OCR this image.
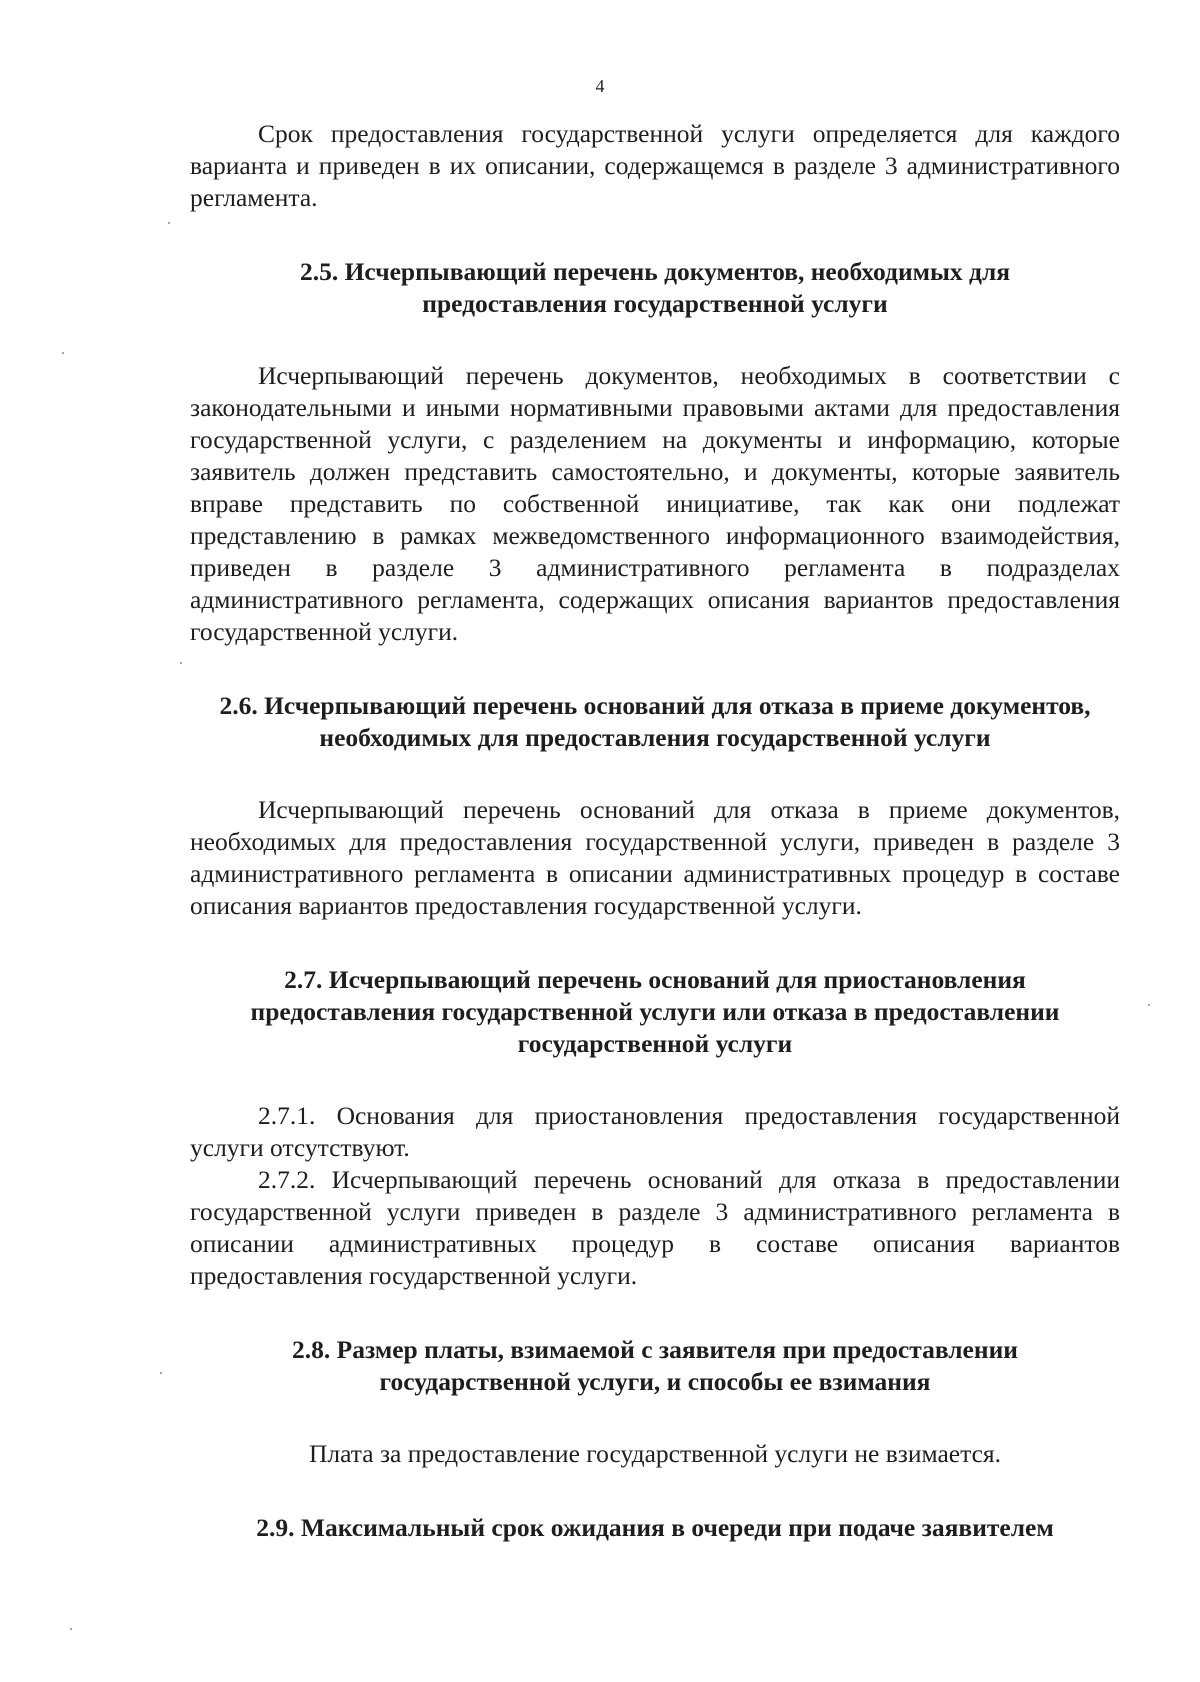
4

Срок предоставления государственной услуги определяется для каждого варианта и приведен в их описании, содержащемся в разделе 3 административного регламента.

2.5. Исчерпывающий перечень документов, необходимых для предоставления государственной услуги

Исчерпывающий перечень документов, необходимых в соответствии с законодательными и иными нормативными правовыми актами для предоставления государственной услуги, с разделением на документы и информацию, которые заявитель должен представить самостоятельно, и документы, которые заявитель вправе представить по собственной инициативе, так как они подлежат представлению в рамках межведомственного информационного взаимодействия, приведен в разделе 3 административного регламента в подразделах административного регламента, содержащих описания вариантов предоставления государственной услуги.

2.6. Исчерпывающий перечень оснований для отказа в приеме документов, необходимых для предоставления государственной услуги

Исчерпывающий перечень оснований для отказа в приеме документов, необходимых для предоставления государственной услуги, приведен в разделе 3 административного регламента в описании административных процедур в составе описания вариантов предоставления государственной услуги.

2.7. Исчерпывающий перечень оснований для приостановления предоставления государственной услуги или отказа в предоставлении государственной услуги

2.7.1. Основания для приостановления предоставления государственной услуги отсутствуют.

2.7.2. Исчерпывающий перечень оснований для отказа в предоставлении государственной услуги приведен в разделе 3 административного регламента в описании административных процедур в составе описания вариантов предоставления государственной услуги.

2.8. Размер платы, взимаемой с заявителя при предоставлении государственной услуги, и способы ее взимания

Плата за предоставление государственной услуги не взимается.

2.9. Максимальный срок ожидания в очереди при подаче заявителем
